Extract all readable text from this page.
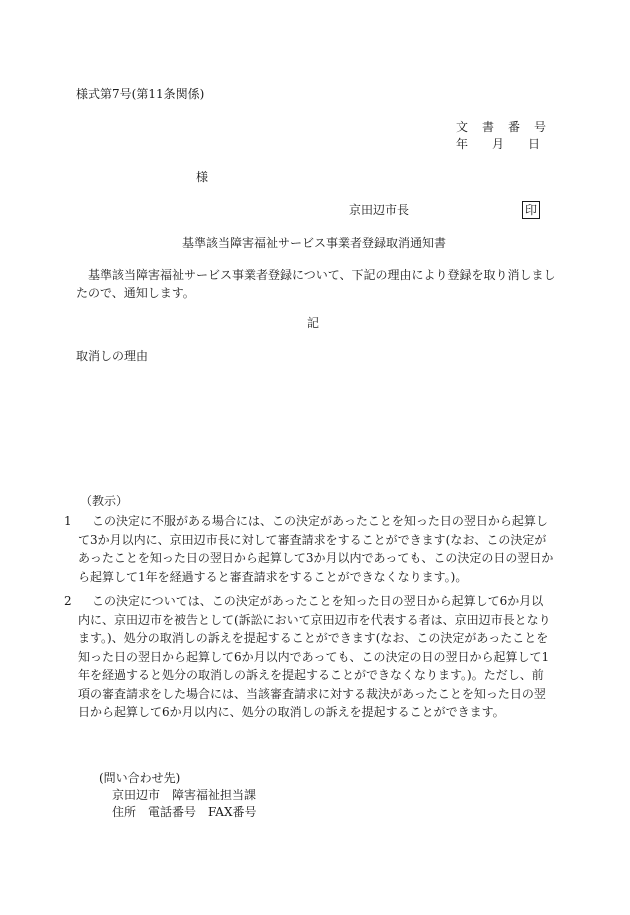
様式第7号(第11条関係)
文　書　番　号
年　　月　　日
様
京田辺市長	印
基準該当障害福祉サービス事業者登録取消通知書
基準該当障害福祉サービス事業者登録について、下記の理由により登録を取り消しましたので、通知します。
記
取消しの理由
（教示）
1	この決定に不服がある場合には、この決定があったことを知った日の翌日から起算して3か月以内に、京田辺市長に対して審査請求をすることができます(なお、この決定があったことを知った日の翌日から起算して3か月以内であっても、この決定の日の翌日から起算して1年を経過すると審査請求をすることができなくなります。)。
2	この決定については、この決定があったことを知った日の翌日から起算して6か月以内に、京田辺市を被告として(訴訟において京田辺市を代表する者は、京田辺市長となります。)、処分の取消しの訴えを提起することができます(なお、この決定があったことを知った日の翌日から起算して6か月以内であっても、この決定の日の翌日から起算して1年を経過すると処分の取消しの訴えを提起することができなくなります。)。ただし、前項の審査請求をした場合には、当該審査請求に対する裁決があったことを知った日の翌日から起算して6か月以内に、処分の取消しの訴えを提起することができます。
(問い合わせ先)
京田辺市　障害福祉担当課
住所　電話番号　FAX番号
